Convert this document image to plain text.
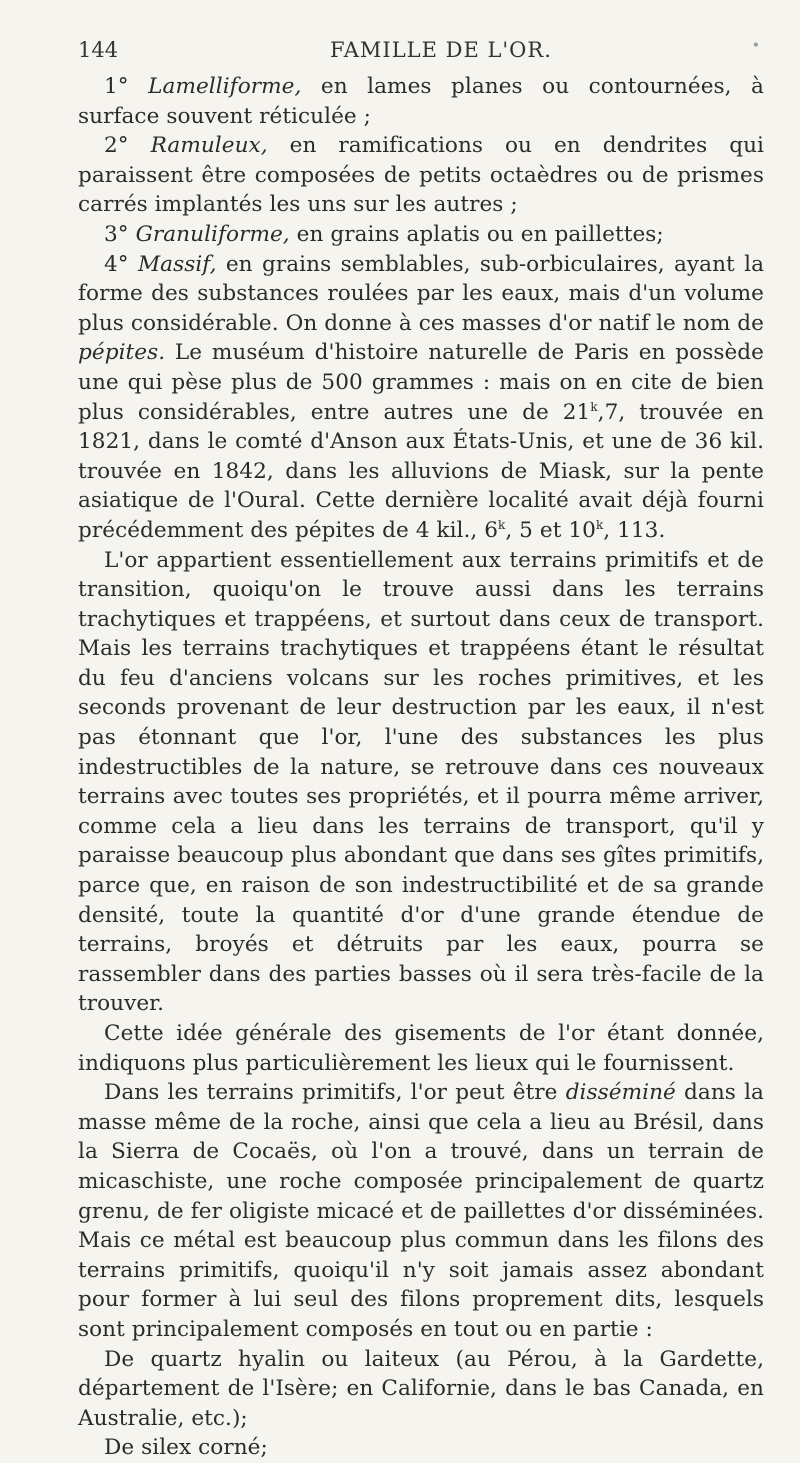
144	FAMILLE DE L'OR.	•

1° Lamelliforme, en lames planes ou contournées, à surface souvent réticulée ;

2° Ramuleux, en ramifications ou en dendrites qui paraissent être composées de petits octaèdres ou de prismes carrés implantés les uns sur les autres ;

3° Granuliforme, en grains aplatis ou en paillettes;

4° Massif, en grains semblables, sub-orbiculaires, ayant la forme des substances roulées par les eaux, mais d'un volume plus considérable. On donne à ces masses d'or natif le nom de pépites. Le muséum d'histoire naturelle de Paris en possède une qui pèse plus de 500 grammes : mais on en cite de bien plus considérables, entre autres une de 21$^k$,7, trouvée en 1821, dans le comté d'Anson aux États-Unis, et une de 36 kil. trouvée en 1842, dans les alluvions de Miask, sur la pente asiatique de l'Oural. Cette dernière localité avait déjà fourni précédemment des pépites de 4 kil., 6$^k$, 5 et 10$^k$, 113.

L'or appartient essentiellement aux terrains primitifs et de transition, quoiqu'on le trouve aussi dans les terrains trachytiques et trappéens, et surtout dans ceux de transport. Mais les terrains trachytiques et trappéens étant le résultat du feu d'anciens volcans sur les roches primitives, et les seconds provenant de leur destruction par les eaux, il n'est pas étonnant que l'or, l'une des substances les plus indestructibles de la nature, se retrouve dans ces nouveaux terrains avec toutes ses propriétés, et il pourra même arriver, comme cela a lieu dans les terrains de transport, qu'il y paraisse beaucoup plus abondant que dans ses gîtes primitifs, parce que, en raison de son indestructibilité et de sa grande densité, toute la quantité d'or d'une grande étendue de terrains, broyés et détruits par les eaux, pourra se rassembler dans des parties basses où il sera très-facile de la trouver.

Cette idée générale des gisements de l'or étant donnée, indiquons plus particulièrement les lieux qui le fournissent.

Dans les terrains primitifs, l'or peut être disséminé dans la masse même de la roche, ainsi que cela a lieu au Brésil, dans la Sierra de Cocaës, où l'on a trouvé, dans un terrain de micaschiste, une roche composée principalement de quartz grenu, de fer oligiste micacé et de paillettes d'or disséminées. Mais ce métal est beaucoup plus commun dans les filons des terrains primitifs, quoiqu'il n'y soit jamais assez abondant pour former à lui seul des filons proprement dits, lesquels sont principalement composés en tout ou en partie :

De quartz hyalin ou laiteux (au Pérou, à la Gardette, département de l'Isère; en Californie, dans le bas Canada, en Australie, etc.);

De silex corné;
